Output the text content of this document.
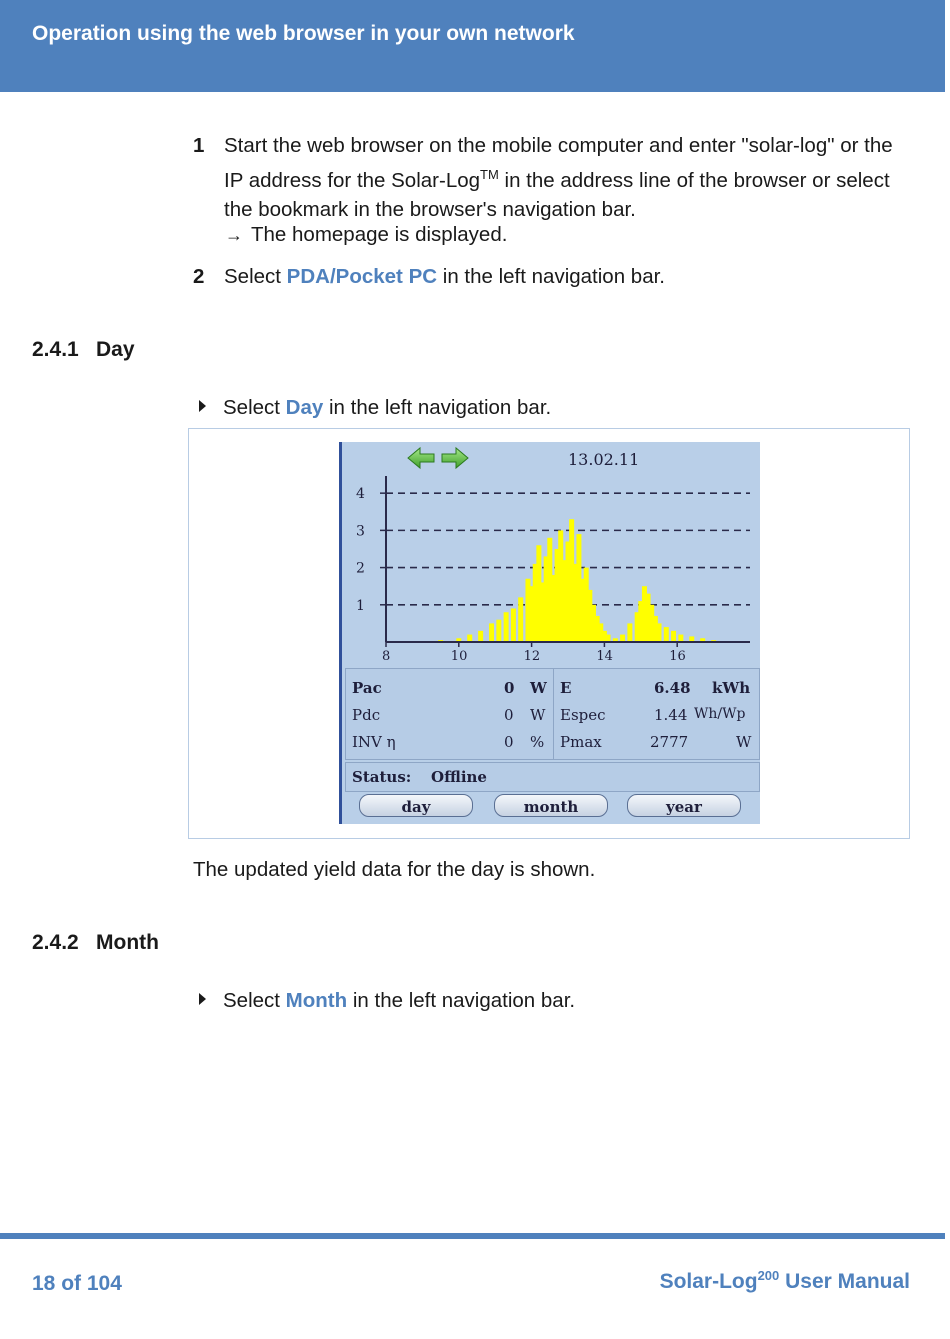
Operation using the web browser in your own network
1 Start the web browser on the mobile computer and enter "solar-log" or the IP address for the Solar-Log™ in the address line of the browser or select the bookmark in the browser's navigation bar.
→ The homepage is displayed.
2 Select PDA/Pocket PC in the left navigation bar.
2.4.1 Day
Select Day in the left navigation bar.
13.02.11
1
2
3
4
8	10	12	14	16
Pac	0 W
Pdc	0 W
INV η	0 %
E	6.48 kWh
Espec	1.44 Wh/Wp
Pmax	2777	W
Status: Offline
day	month	year
The updated yield data for the day is shown.
2.4.2 Month
Select Month in the left navigation bar.
18 of 104	Solar-Log$^{200}$ User Manual
